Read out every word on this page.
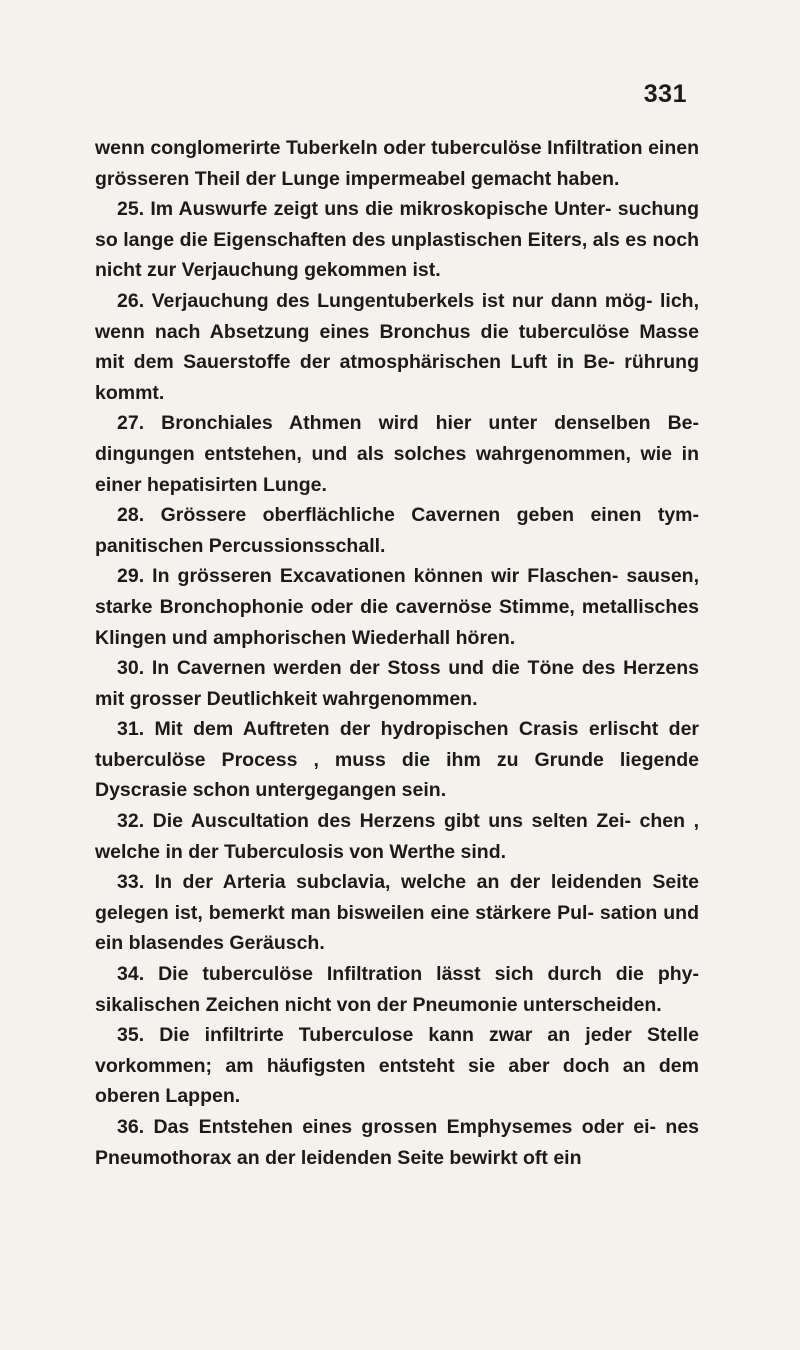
331

wenn conglomerirte Tuberkeln oder tuberculöse Infiltration einen grösseren Theil der Lunge impermeabel gemacht haben.

25. Im Auswurfe zeigt uns die mikroskopische Unter- suchung so lange die Eigenschaften des unplastischen Eiters, als es noch nicht zur Verjauchung gekommen ist.

26. Verjauchung des Lungentuberkels ist nur dann mög- lich, wenn nach Absetzung eines Bronchus die tuberculöse Masse mit dem Sauerstoffe der atmosphärischen Luft in Be- rührung kommt.

27. Bronchiales Athmen wird hier unter denselben Be- dingungen entstehen, und als solches wahrgenommen, wie in einer hepatisirten Lunge.

28. Grössere oberflächliche Cavernen geben einen tym- panitischen Percussionsschall.

29. In grösseren Excavationen können wir Flaschen- sausen, starke Bronchophonie oder die cavernöse Stimme, metallisches Klingen und amphorischen Wiederhall hören.

30. In Cavernen werden der Stoss und die Töne des Herzens mit grosser Deutlichkeit wahrgenommen.

31. Mit dem Auftreten der hydropischen Crasis erlischt der tuberculöse Process , muss die ihm zu Grunde liegende Dyscrasie schon untergegangen sein.

32. Die Auscultation des Herzens gibt uns selten Zei- chen , welche in der Tuberculosis von Werthe sind.

33. In der Arteria subclavia, welche an der leidenden Seite gelegen ist, bemerkt man bisweilen eine stärkere Pul- sation und ein blasendes Geräusch.

34. Die tuberculöse Infiltration lässt sich durch die phy- sikalischen Zeichen nicht von der Pneumonie unterscheiden.

35. Die infiltrirte Tuberculose kann zwar an jeder Stelle vorkommen; am häufigsten entsteht sie aber doch an dem oberen Lappen.

36. Das Entstehen eines grossen Emphysemes oder ei- nes Pneumothorax an der leidenden Seite bewirkt oft ein
